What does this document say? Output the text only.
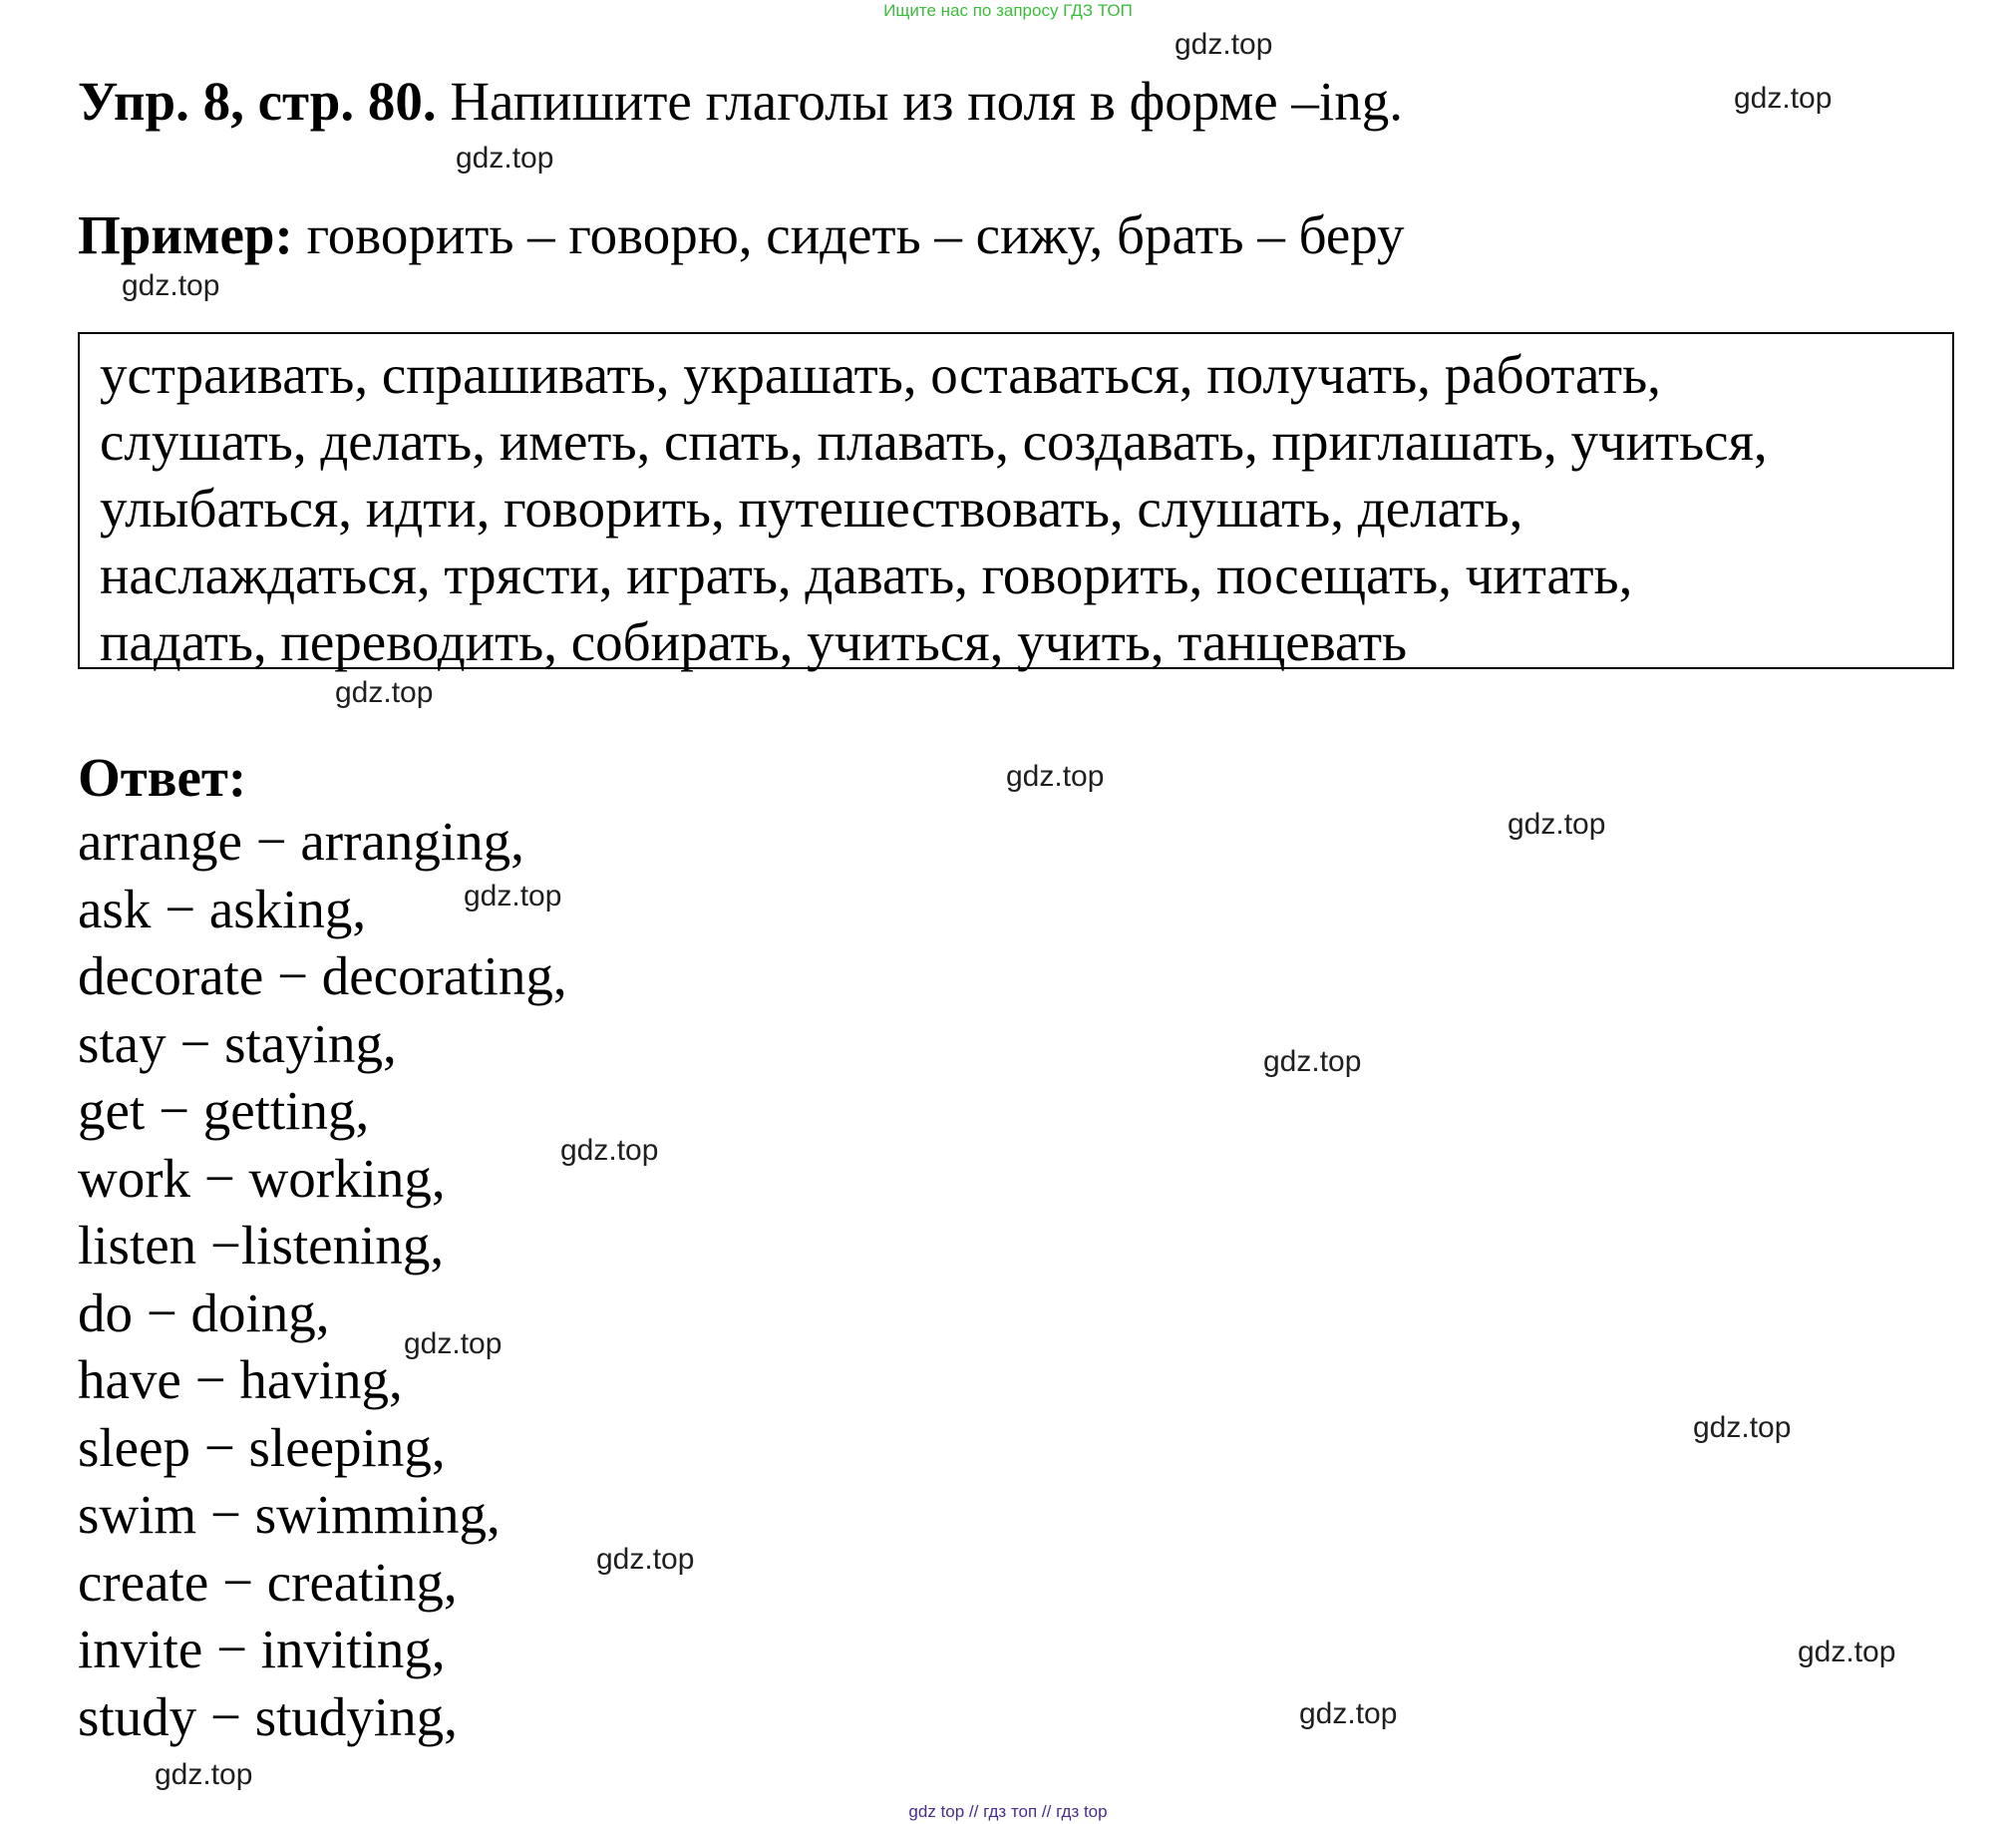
Ищите нас по запросу ГДЗ ТОП
Упр. 8, стр. 80. Напишите глаголы из поля в форме –ing.
Пример: говорить – говорю, сидеть – сижу, брать – беру
устраивать, спрашивать, украшать, оставаться, получать, работать,
слушать, делать, иметь, спать, плавать, создавать, приглашать, учиться,
улыбаться, идти, говорить, путешествовать, слушать, делать,
наслаждаться, трясти, играть, давать, говорить, посещать, читать,
падать, переводить, собирать, учиться, учить, танцевать
Ответ:
arrange − arranging,
ask − asking,
decorate − decorating,
stay − staying,
get − getting,
work − working,
listen −listening,
do − doing,
have − having,
sleep − sleeping,
swim − swimming,
create − creating,
invite − inviting,
study − studying,
gdz.top
gdz.top
gdz.top
gdz.top
gdz.top
gdz.top
gdz.top
gdz.top
gdz.top
gdz.top
gdz.top
gdz.top
gdz.top
gdz.top
gdz.top
gdz.top
gdz top // гдз топ // гдз top
